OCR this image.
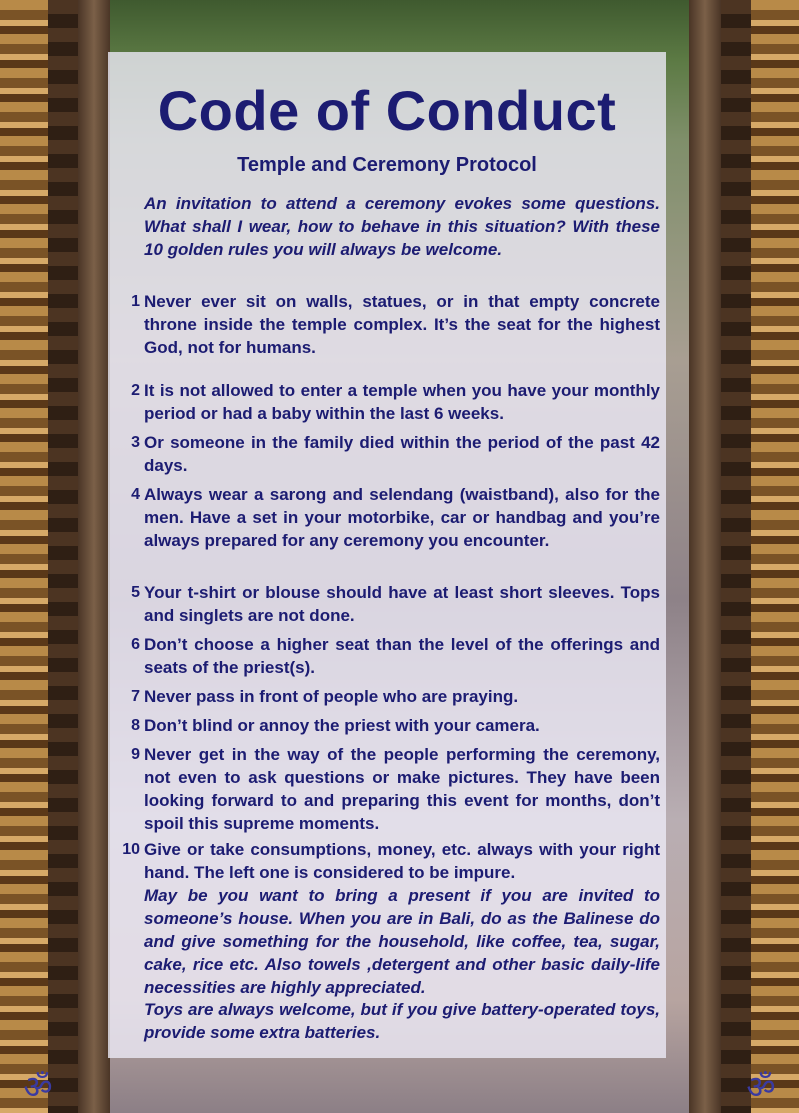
ॐ	ॐ
Code of Conduct
Temple and Ceremony Protocol
An invitation to attend a ceremony evokes some questions. What shall I wear, how to behave in this situation? With these 10 golden rules you will always be welcome.
1 Never ever sit on walls, statues, or in that empty concrete throne inside the temple complex. It’s the seat for the highest God, not for humans.
2 It is not allowed to enter a temple when you have your monthly period or had a baby within the last 6 weeks.
3 Or someone in the family died within the period of the past 42 days.
4 Always wear a sarong and selendang (waistband), also for the men. Have a set in your motorbike, car or handbag and you’re always prepared for any ceremony you encounter.
5 Your t-shirt or blouse should have at least short sleeves. Tops and singlets are not done.
6 Don’t choose a higher seat than the level of the offerings and seats of the priest(s).
7 Never pass in front of people who are praying.
8 Don’t blind or annoy the priest with your camera.
9 Never get in the way of the people performing the ceremony, not even to ask questions or make pictures. They have been looking forward to and preparing this event for months, don’t spoil this supreme moments.
10 Give or take consumptions, money, etc. always with your right hand. The left one is considered to be impure.
May be you want to bring a present if you are invited to someone’s house. When you are in Bali, do as the Balinese do and give something for the household, like coffee, tea, sugar, cake, rice etc. Also towels ,detergent and other basic daily-life necessities are highly appreciated.
Toys are always welcome, but if you give battery-operated toys, provide some extra batteries.
